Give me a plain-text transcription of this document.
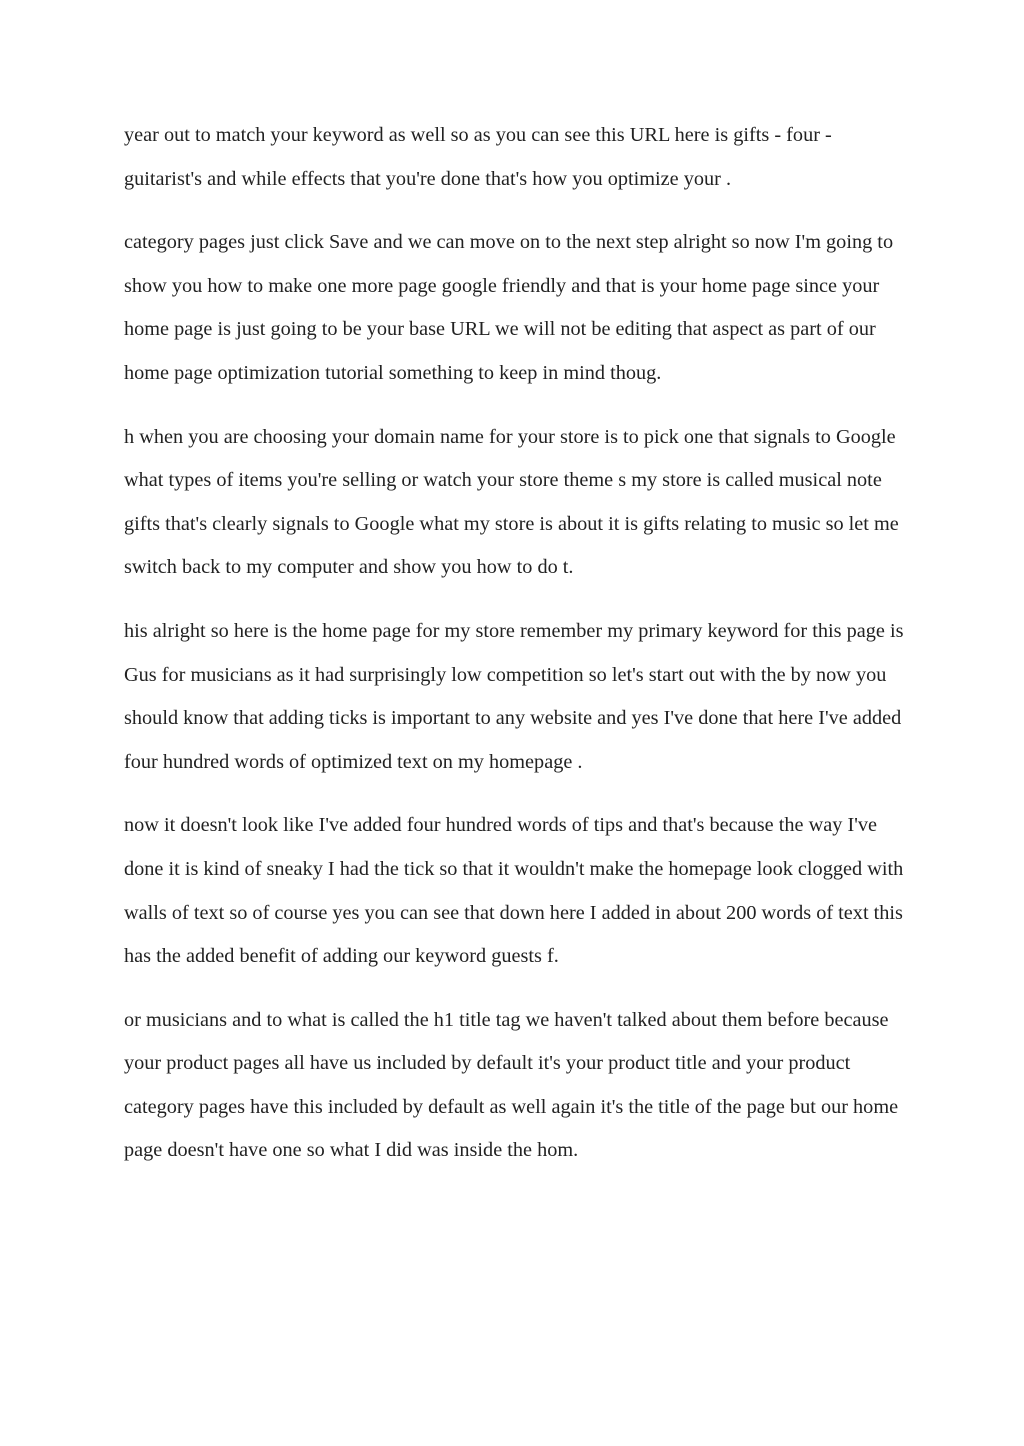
year out to match your keyword as well so as you can see this URL here is gifts - four - guitarist's and while effects that you're done that's how you optimize your .

category pages just click Save and we can move on to the next step alright so now I'm going to show you how to make one more page google friendly and that is your home page since your home page is just going to be your base URL we will not be editing that aspect as part of our home page optimization tutorial something to keep in mind thoug.

h when you are choosing your domain name for your store is to pick one that signals to Google what types of items you're selling or watch your store theme s my store is called musical note gifts that's clearly signals to Google what my store is about it is gifts relating to music so let me switch back to my computer and show you how to do t.

his alright so here is the home page for my store remember my primary keyword for this page is Gus for musicians as it had surprisingly low competition so let's start out with the by now you should know that adding ticks is important to any website and yes I've done that here I've added four hundred words of optimized text on my homepage .

now it doesn't look like I've added four hundred words of tips and that's because the way I've done it is kind of sneaky I had the tick so that it wouldn't make the homepage look clogged with walls of text so of course yes you can see that down here I added in about 200 words of text this has the added benefit of adding our keyword guests f.

or musicians and to what is called the h1 title tag we haven't talked about them before because your product pages all have us included by default it's your product title and your product category pages have this included by default as well again it's the title of the page but our home page doesn't have one so what I did was inside the hom.
